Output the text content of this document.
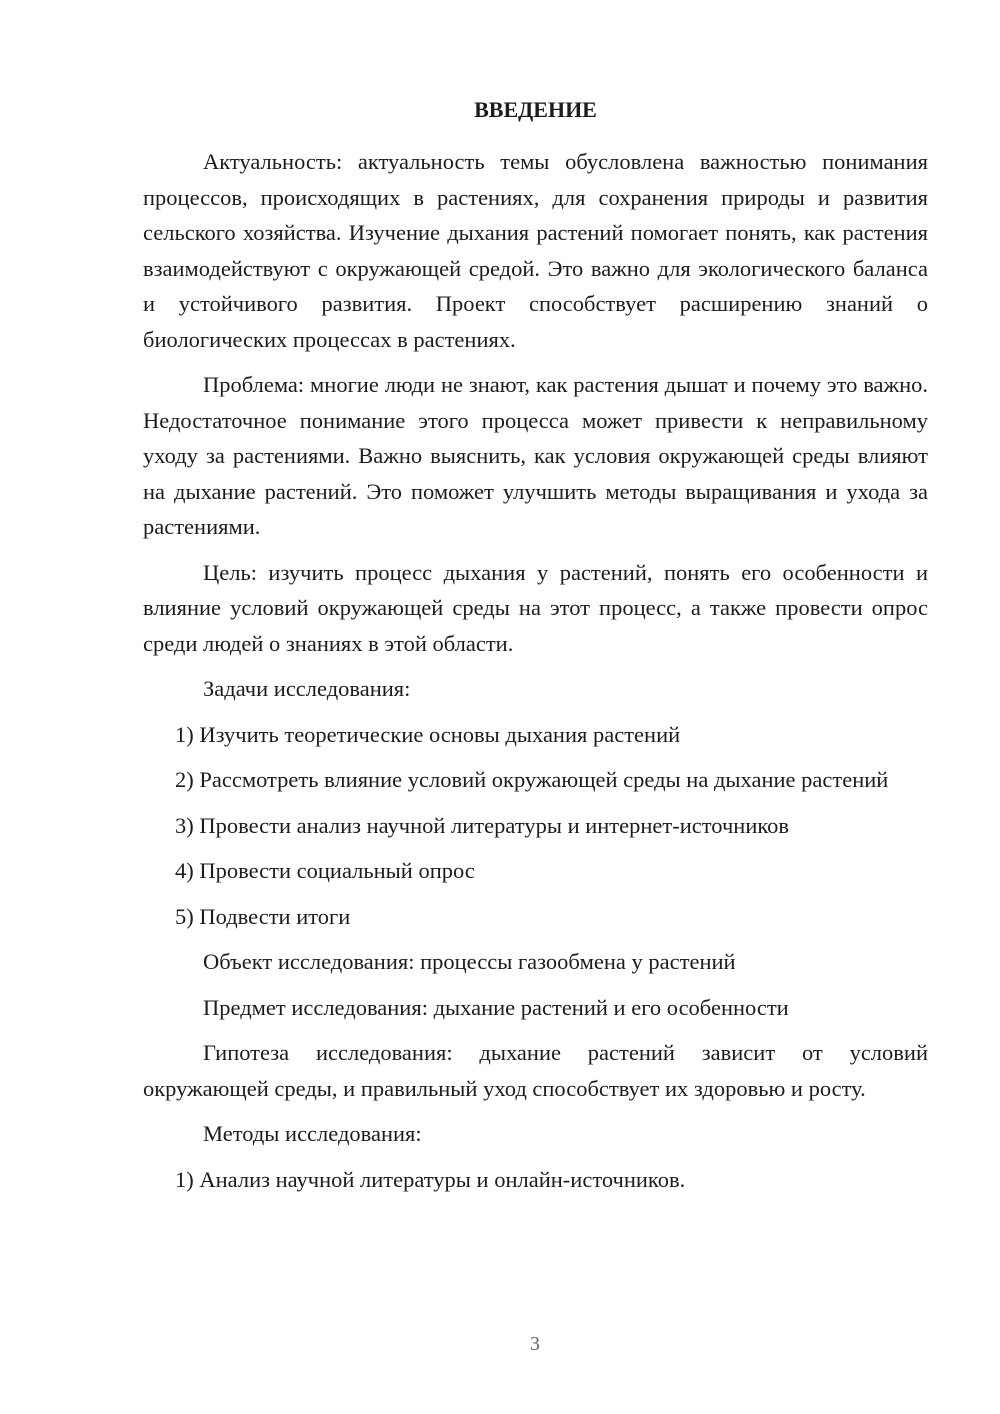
ВВЕДЕНИЕ

Актуальность: актуальность темы обусловлена важностью понимания процессов, происходящих в растениях, для сохранения природы и развития сельского хозяйства. Изучение дыхания растений помогает понять, как растения взаимодействуют с окружающей средой. Это важно для экологического баланса и устойчивого развития. Проект способствует расширению знаний о биологических процессах в растениях.

Проблема: многие люди не знают, как растения дышат и почему это важно. Недостаточное понимание этого процесса может привести к неправильному уходу за растениями. Важно выяснить, как условия окружающей среды влияют на дыхание растений. Это поможет улучшить методы выращивания и ухода за растениями.

Цель: изучить процесс дыхания у растений, понять его особенности и влияние условий окружающей среды на этот процесс, а также провести опрос среди людей о знаниях в этой области.

Задачи исследования:

1) Изучить теоретические основы дыхания растений

2) Рассмотреть влияние условий окружающей среды на дыхание растений

3) Провести анализ научной литературы и интернет-источников

4) Провести социальный опрос

5) Подвести итоги

Объект исследования: процессы газообмена у растений

Предмет исследования: дыхание растений и его особенности

Гипотеза исследования: дыхание растений зависит от условий окружающей среды, и правильный уход способствует их здоровью и росту.

Методы исследования:

1) Анализ научной литературы и онлайн-источников.

3
